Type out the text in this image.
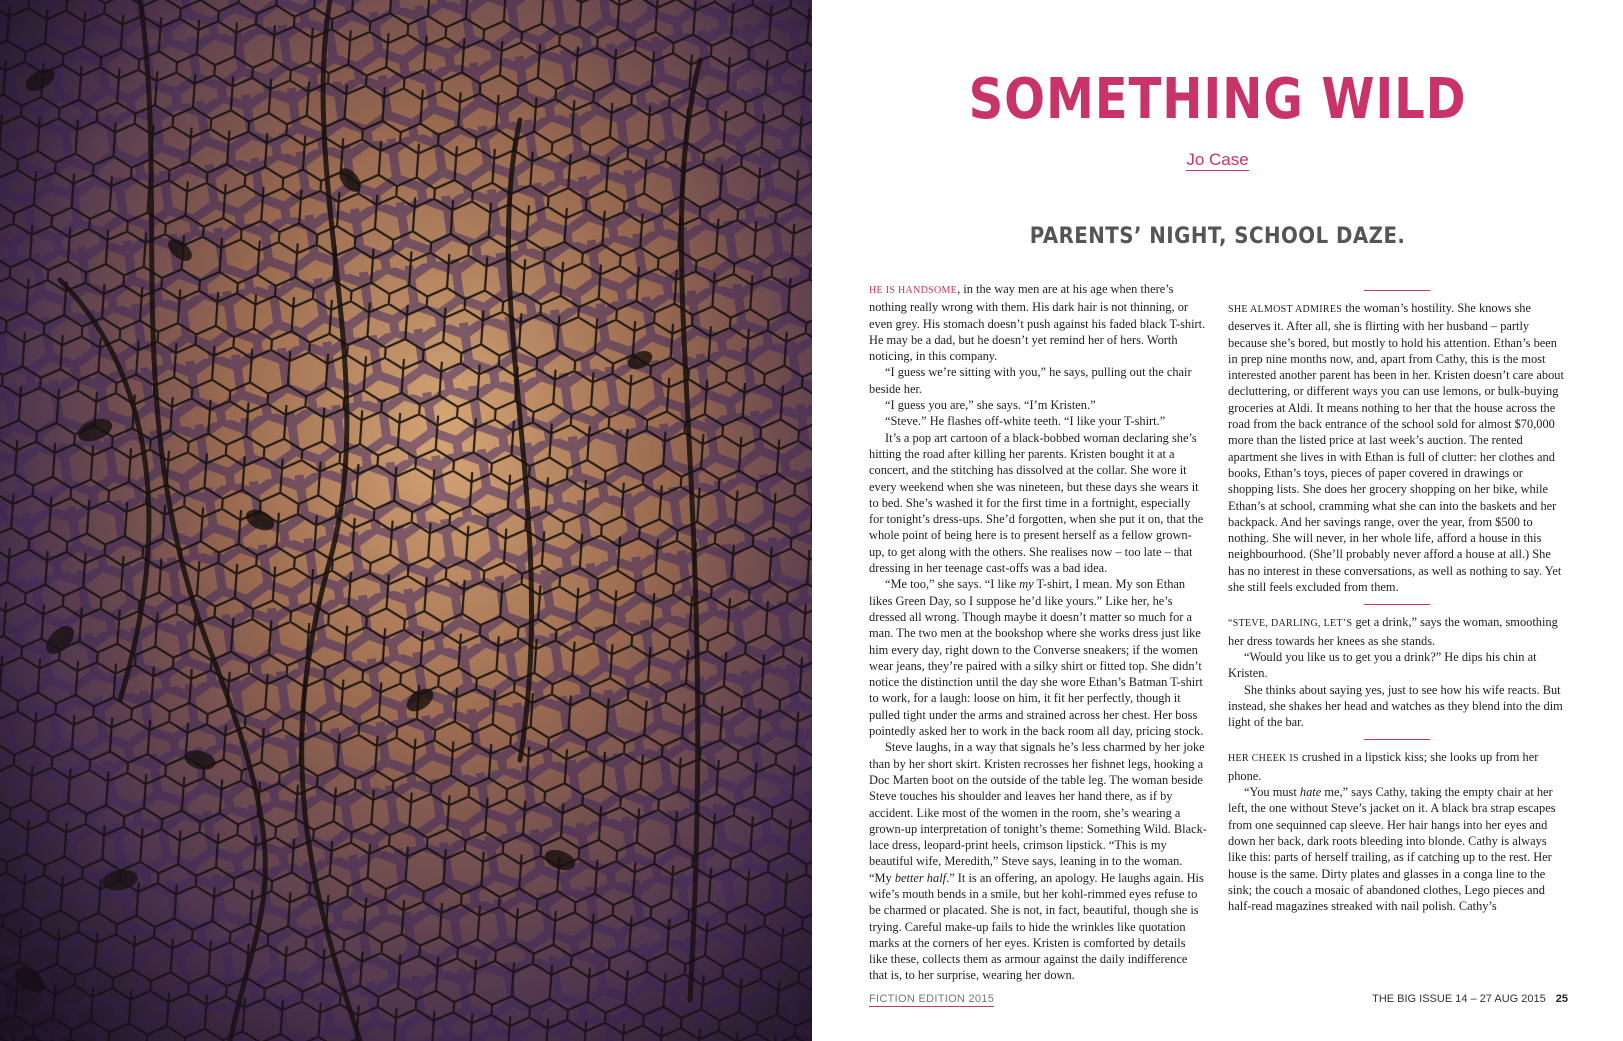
SOMETHING WILD
Jo Case
PARENTS’ NIGHT, SCHOOL DAZE.

HE IS HANDSOME, in the way men are at his age when there’s nothing really wrong with them. His dark hair is not thinning, or even grey. His stomach doesn’t push against his faded black T-shirt. He may be a dad, but he doesn’t yet remind her of hers. Worth noticing, in this company.

“I guess we’re sitting with you,” he says, pulling out the chair beside her.

“I guess you are,” she says. “I’m Kristen.”

“Steve.” He flashes off-white teeth. “I like your T-shirt.”

It’s a pop art cartoon of a black-bobbed woman declaring she’s hitting the road after killing her parents. Kristen bought it at a concert, and the stitching has dissolved at the collar. She wore it every weekend when she was nineteen, but these days she wears it to bed. She’s washed it for the first time in a fortnight, especially for tonight’s dress-ups. She’d forgotten, when she put it on, that the whole point of being here is to present herself as a fellow grown-up, to get along with the others. She realises now – too late – that dressing in her teenage cast-offs was a bad idea.

“Me too,” she says. “I like my T-shirt, I mean. My son Ethan likes Green Day, so I suppose he’d like yours.” Like her, he’s dressed all wrong. Though maybe it doesn’t matter so much for a man. The two men at the bookshop where she works dress just like him every day, right down to the Converse sneakers; if the women wear jeans, they’re paired with a silky shirt or fitted top. She didn’t notice the distinction until the day she wore Ethan’s Batman T-shirt to work, for a laugh: loose on him, it fit her perfectly, though it pulled tight under the arms and strained across her chest. Her boss pointedly asked her to work in the back room all day, pricing stock.

Steve laughs, in a way that signals he’s less charmed by her joke than by her short skirt. Kristen recrosses her fishnet legs, hooking a Doc Marten boot on the outside of the table leg. The woman beside Steve touches his shoulder and leaves her hand there, as if by accident. Like most of the women in the room, she’s wearing a grown-up interpretation of tonight’s theme: Something Wild. Black-lace dress, leopard-print heels, crimson lipstick. “This is my beautiful wife, Meredith,” Steve says, leaning in to the woman. “My better half.” It is an offering, an apology. He laughs again. His wife’s mouth bends in a smile, but her kohl-rimmed eyes refuse to be charmed or placated. She is not, in fact, beautiful, though she is trying. Careful make-up fails to hide the wrinkles like quotation marks at the corners of her eyes. Kristen is comforted by details like these, collects them as armour against the daily indifference that is, to her surprise, wearing her down.

SHE ALMOST ADMIRES the woman’s hostility. She knows she deserves it. After all, she is flirting with her husband – partly because she’s bored, but mostly to hold his attention. Ethan’s been in prep nine months now, and, apart from Cathy, this is the most interested another parent has been in her. Kristen doesn’t care about decluttering, or different ways you can use lemons, or bulk-buying groceries at Aldi. It means nothing to her that the house across the road from the back entrance of the school sold for almost $70,000 more than the listed price at last week’s auction. The rented apartment she lives in with Ethan is full of clutter: her clothes and books, Ethan’s toys, pieces of paper covered in drawings or shopping lists. She does her grocery shopping on her bike, while Ethan’s at school, cramming what she can into the baskets and her backpack. And her savings range, over the year, from $500 to nothing. She will never, in her whole life, afford a house in this neighbourhood. (She’ll probably never afford a house at all.) She has no interest in these conversations, as well as nothing to say. Yet she still feels excluded from them.

“STEVE, DARLING, LET’S get a drink,” says the woman, smoothing her dress towards her knees as she stands.

“Would you like us to get you a drink?” He dips his chin at Kristen.

She thinks about saying yes, just to see how his wife reacts. But instead, she shakes her head and watches as they blend into the dim light of the bar.

HER CHEEK IS crushed in a lipstick kiss; she looks up from her phone.

“You must hate me,” says Cathy, taking the empty chair at her left, the one without Steve’s jacket on it. A black bra strap escapes from one sequinned cap sleeve. Her hair hangs into her eyes and down her back, dark roots bleeding into blonde. Cathy is always like this: parts of herself trailing, as if catching up to the rest. Her house is the same. Dirty plates and glasses in a conga line to the sink; the couch a mosaic of abandoned clothes, Lego pieces and half-read magazines streaked with nail polish. Cathy’s

FICTION EDITION 2015	THE BIG ISSUE 14 – 27 AUG 2015 25
